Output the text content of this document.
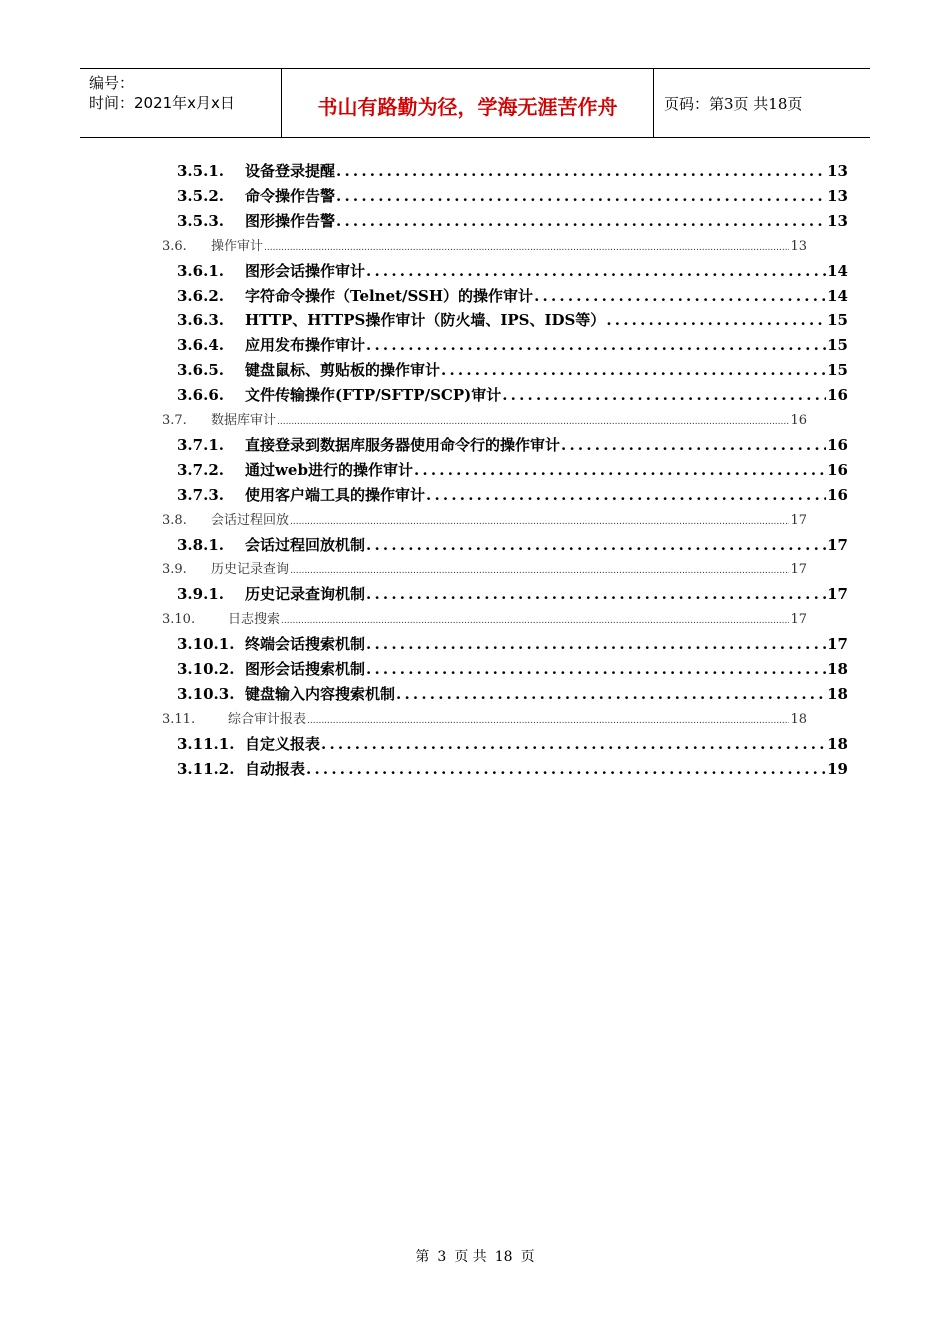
编号：
时间：2021年x月x日	书山有路勤为径，学海无涯苦作舟	页码：第3页 共18页
3.5.1.	设备登录提醒 . . .	13
3.5.2.	命令操作告警 . . .	13
3.5.3.	图形操作告警 . . .	13
3.6.	操作审计 .....	13
3.6.1.	图形会话操作审计 . . .	14
3.6.2.	字符命令操作（Telnet/SSH）的操作审计 . . .	14
3.6.3.	HTTP、HTTPS操作审计（防火墙、IPS、IDS等） . . .	15
3.6.4.	应用发布操作审计 . . .	15
3.6.5.	键盘鼠标、剪贴板的操作审计 . . .	15
3.6.6.	文件传输操作(FTP/SFTP/SCP)审计 . . .	16
3.7.	数据库审计 .....	16
3.7.1.	直接登录到数据库服务器使用命令行的操作审计 . . .	16
3.7.2.	通过web进行的操作审计 . . .	16
3.7.3.	使用客户端工具的操作审计 . . .	16
3.8.	会话过程回放 .....	17
3.8.1.	会话过程回放机制 . . .	17
3.9.	历史记录查询 .....	17
3.9.1.	历史记录查询机制 . . .	17
3.10.	日志搜索 .....	17
3.10.1. 终端会话搜索机制 . . .	17
3.10.2. 图形会话搜索机制 . . .	18
3.10.3. 键盘输入内容搜索机制 . . .	18
3.11.	综合审计报表 .....	18
3.11.1. 自定义报表 . . .	18
3.11.2. 自动报表 . . .	19
第 3 页 共 18 页
